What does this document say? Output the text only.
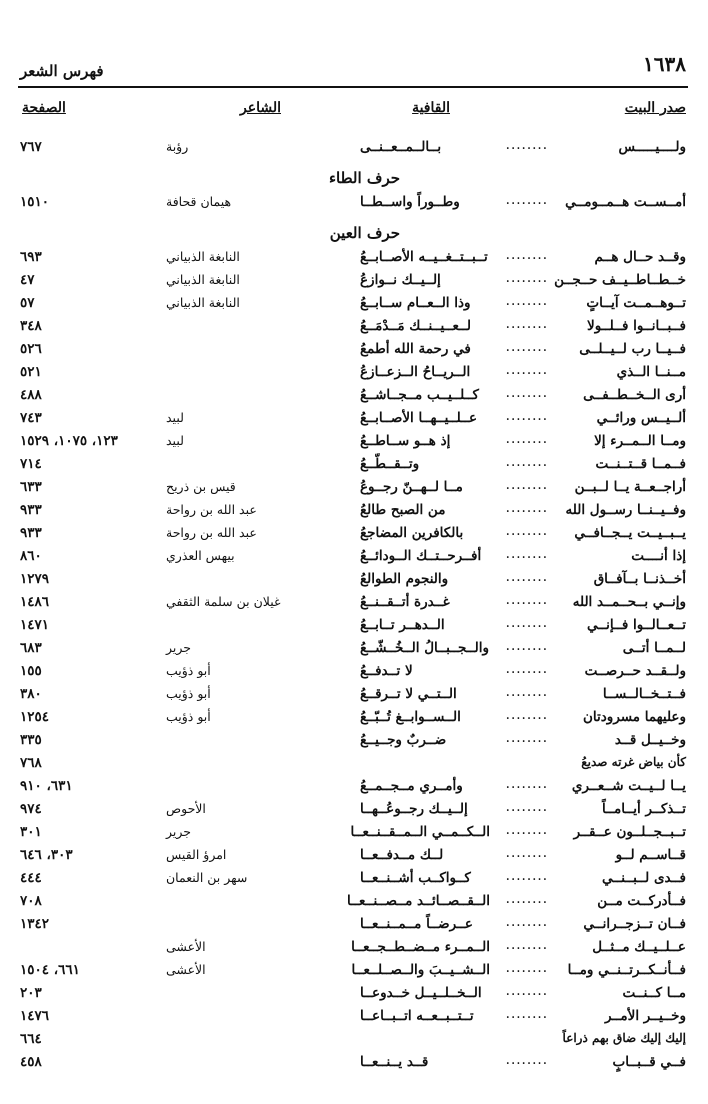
١٦٣٨
فهرس الشعر
صدر البيت
القافية
الشاعر
الصفحة
ولــــيـــــس
........
بــالــمــعــنــى
رؤبة
٧٦٧
حرف الطاء
أمــســت هــمــومــي
........
وطــوراً واســطــا
هيمان قحافة
١٥١٠
حرف العين
وقــد حــال هــم
........
تــبــتــغــيــه الأصــابــعُ
النابغة الذبياني
٦٩٣
خــطــاطــيــف حــجــن
........
إلــيــك نــوازعُ
النابغة الذبياني
٤٧
تــوهــمــت آيــاتٍ
........
وذا الــعــام ســابــعُ
النابغة الذبياني
٥٧
فــبــانــوا فــلــولا
........
لــعــيــنــك مَــدْمَــعُ
٣٤٨
فــيــا رب لــيــلــى
........
في رحمة الله أطمعُ
٥٢٦
مــنــا الــذي
........
الــريــاحُ الــزعــازعُ
٥٢١
أرى الــخــطــفــى
........
كــلــيــب مــجــاشــعُ
٤٨٨
ألــيــس ورائــي
........
عــلــيــهــا الأصــابــعُ
لبيد
٧٤٣
ومــا الــمــرء إلا
........
إذ هــو ســاطــعُ
لبيد
١٢٣، ١٠٧٥، ١٥٢٩
فــمــا قــتــنــت
........
وتــقــطّــعُ
٧١٤
أراجــعــة يــا لــبــن
........
مــا لــهــنّ رجــوعُ
قيس بن ذريح
٦٣٣
وفــيــنــا رســول الله
........
من الصبح طالعُ
عبد الله بن رواحة
٩٣٣
يــبــيــت يــجــافــي
........
بالكافرين المضاجعُ
عبد الله بن رواحة
٩٣٣
إذا أنــــت
........
أفــرحــتــك الــودائــعُ
بيهس العذري
٨٦٠
أخــذنــا بــآفــاق
........
والنجوم الطوالعُ
١٢٧٩
وإنــي بــحــمــد الله
........
غــدرة أتــقــنــعُ
غيلان بن سلمة الثقفي
١٤٨٦
تــعــالــوا فــإنــي
........
الــدهــر تــابــعُ
١٤٧١
لــمــا أتــى
........
والــجــبــالُ الــخُــشّــعُ
جرير
٦٨٣
ولــقــد حــرصــت
........
لا تــدفــعُ
أبو ذؤيب
١٥٥
فــتــخــالــســا
........
الــتــي لا تــرقــعُ
أبو ذؤيب
٣٨٠
وعليهما مسرودتان
........
الــســوابــغ تُــبّــعُ
أبو ذؤيب
١٢٥٤
وخــيــل قــد
........
ضــربٌ وجــيــعُ
٣٣٥
كأن بياض غرته صديعُ
٧٦٨
يــا لــيــت شــعــري
........
وأمــري مــجــمــعُ
٦٣١، ٩١٠
تــذكــر أيــامــاً
........
إلــيــك رجــوعُــهــا
الأحوص
٩٧٤
تــبــجــلــون عــقــر
........
الــكــمــي الــمــقــنــعــا
جرير
٣٠١
قــاســم لــو
........
لــك مــدفــعــا
امرؤ القيس
٣٠٣، ٦٤٦
فــدى لــبــنــي
........
كــواكــب أشــنــعــا
سهر بن النعمان
٤٤٤
فــأدركــت مــن
........
الــقــصــائــد مــصــنــعــا
٧٠٨
فــان تــزجــرانــي
........
عــرضــاً مــمــنــعــا
١٣٤٢
عــلــيــك مــثــل
........
الــمــرء مــضــطــجــعــا
الأعشى
فــأنــكــرتــنــي ومــا
........
الــشــيــبَ والــصــلــعــا
الأعشى
٦٦١، ١٥٠٤
مــا كــنــت
........
الــخــلــيــل خــدوعــا
٢٠٣
وخــيــر الأمــر
........
تــتــبــعــه اتــبــاعــا
١٤٧٦
إليك إليك ضاق بهم ذراعاً
٦٦٤
فــي قــبــابٍ
........
قــد يــنــعــا
٤٥٨
